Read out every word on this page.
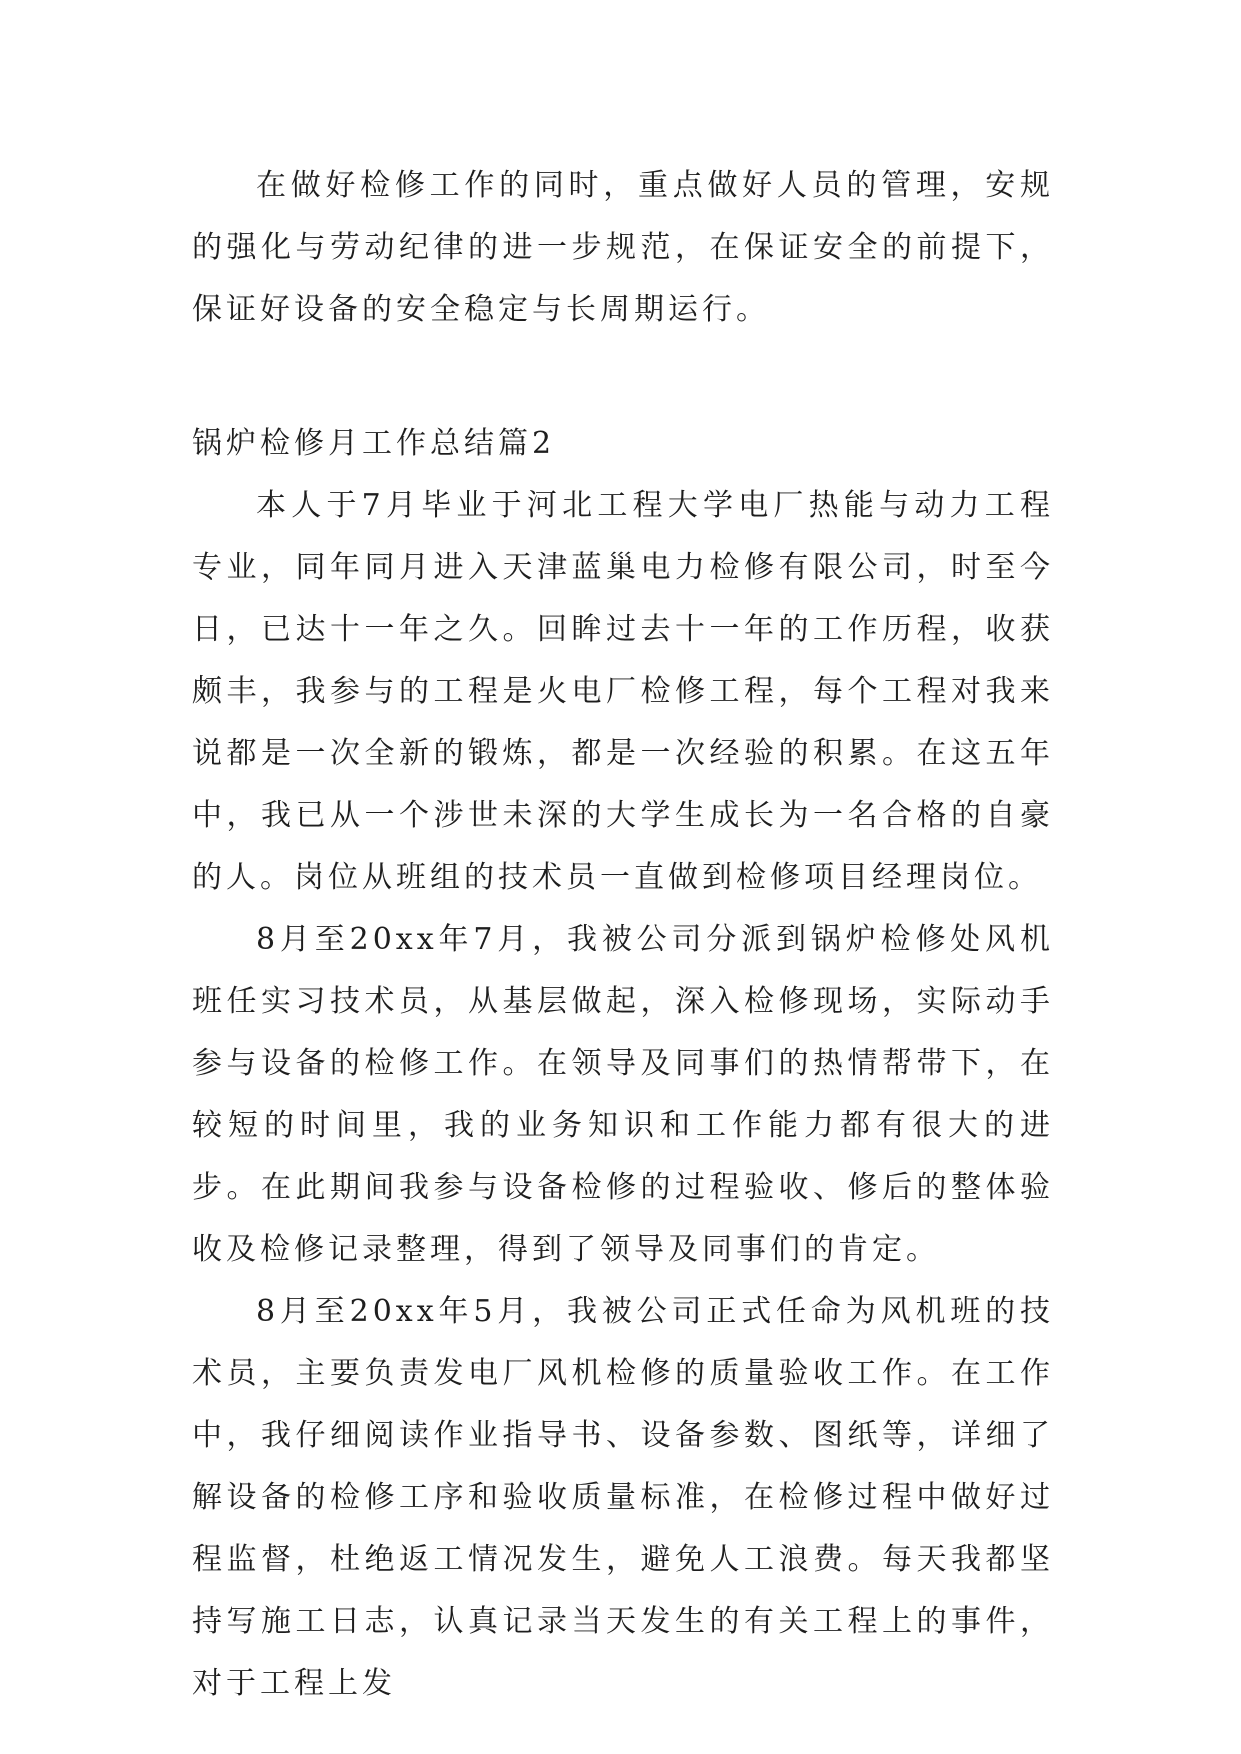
在做好检修工作的同时，重点做好人员的管理，安规的强化与劳动纪律的进一步规范，在保证安全的前提下，保证好设备的安全稳定与长周期运行。

锅炉检修月工作总结篇2

本人于7月毕业于河北工程大学电厂热能与动力工程专业，同年同月进入天津蓝巢电力检修有限公司，时至今日，已达十一年之久。回眸过去十一年的工作历程，收获颇丰，我参与的工程是火电厂检修工程，每个工程对我来说都是一次全新的锻炼，都是一次经验的积累。在这五年中，我已从一个涉世未深的大学生成长为一名合格的自豪的人。岗位从班组的技术员一直做到检修项目经理岗位。

8月至20xx年7月，我被公司分派到锅炉检修处风机班任实习技术员，从基层做起，深入检修现场，实际动手参与设备的检修工作。在领导及同事们的热情帮带下，在较短的时间里，我的业务知识和工作能力都有很大的进步。在此期间我参与设备检修的过程验收、修后的整体验收及检修记录整理，得到了领导及同事们的肯定。

8月至20xx年5月，我被公司正式任命为风机班的技术员，主要负责发电厂风机检修的质量验收工作。在工作中，我仔细阅读作业指导书、设备参数、图纸等，详细了解设备的检修工序和验收质量标准，在检修过程中做好过程监督，杜绝返工情况发生，避免人工浪费。每天我都坚持写施工日志，认真记录当天发生的有关工程上的事件，对于工程上发
